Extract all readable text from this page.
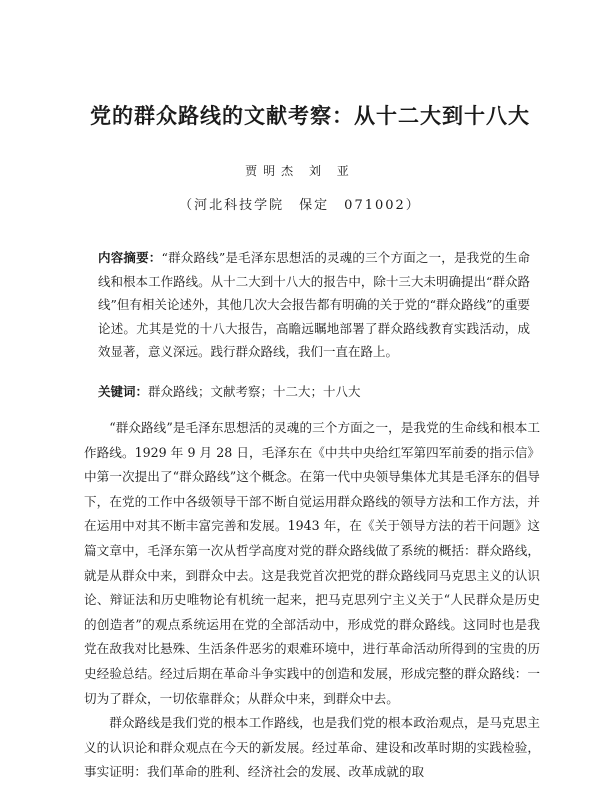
党的群众路线的文献考察：从十二大到十八大
贾明杰 刘 亚
（河北科技学院　保定　071002）
内容摘要：“群众路线”是毛泽东思想活的灵魂的三个方面之一，是我党的生命线和根本工作路线。从十二大到十八大的报告中，除十三大未明确提出“群众路线”但有相关论述外，其他几次大会报告都有明确的关于党的“群众路线”的重要论述。尤其是党的十八大报告，高瞻远瞩地部署了群众路线教育实践活动，成效显著，意义深远。践行群众路线，我们一直在路上。
关键词：群众路线；文献考察；十二大；十八大

“群众路线”是毛泽东思想活的灵魂的三个方面之一，是我党的生命线和根本工作路线。1929 年 9 月 28 日，毛泽东在《中共中央给红军第四军前委的指示信》中第一次提出了“群众路线”这个概念。在第一代中央领导集体尤其是毛泽东的倡导下，在党的工作中各级领导干部不断自觉运用群众路线的领导方法和工作方法，并在运用中对其不断丰富完善和发展。1943 年，在《关于领导方法的若干问题》这篇文章中，毛泽东第一次从哲学高度对党的群众路线做了系统的概括：群众路线，就是从群众中来，到群众中去。这是我党首次把党的群众路线同马克思主义的认识论、辩证法和历史唯物论有机统一起来，把马克思列宁主义关于“人民群众是历史的创造者”的观点系统运用在党的全部活动中，形成党的群众路线。这同时也是我党在敌我对比悬殊、生活条件恶劣的艰难环境中，进行革命活动所得到的宝贵的历史经验总结。经过后期在革命斗争实践中的创造和发展，形成完整的群众路线：一切为了群众，一切依靠群众；从群众中来，到群众中去。

群众路线是我们党的根本工作路线，也是我们党的根本政治观点，是马克思主义的认识论和群众观点在今天的新发展。经过革命、建设和改革时期的实践检验，事实证明：我们革命的胜利、经济社会的发展、改革成就的取
